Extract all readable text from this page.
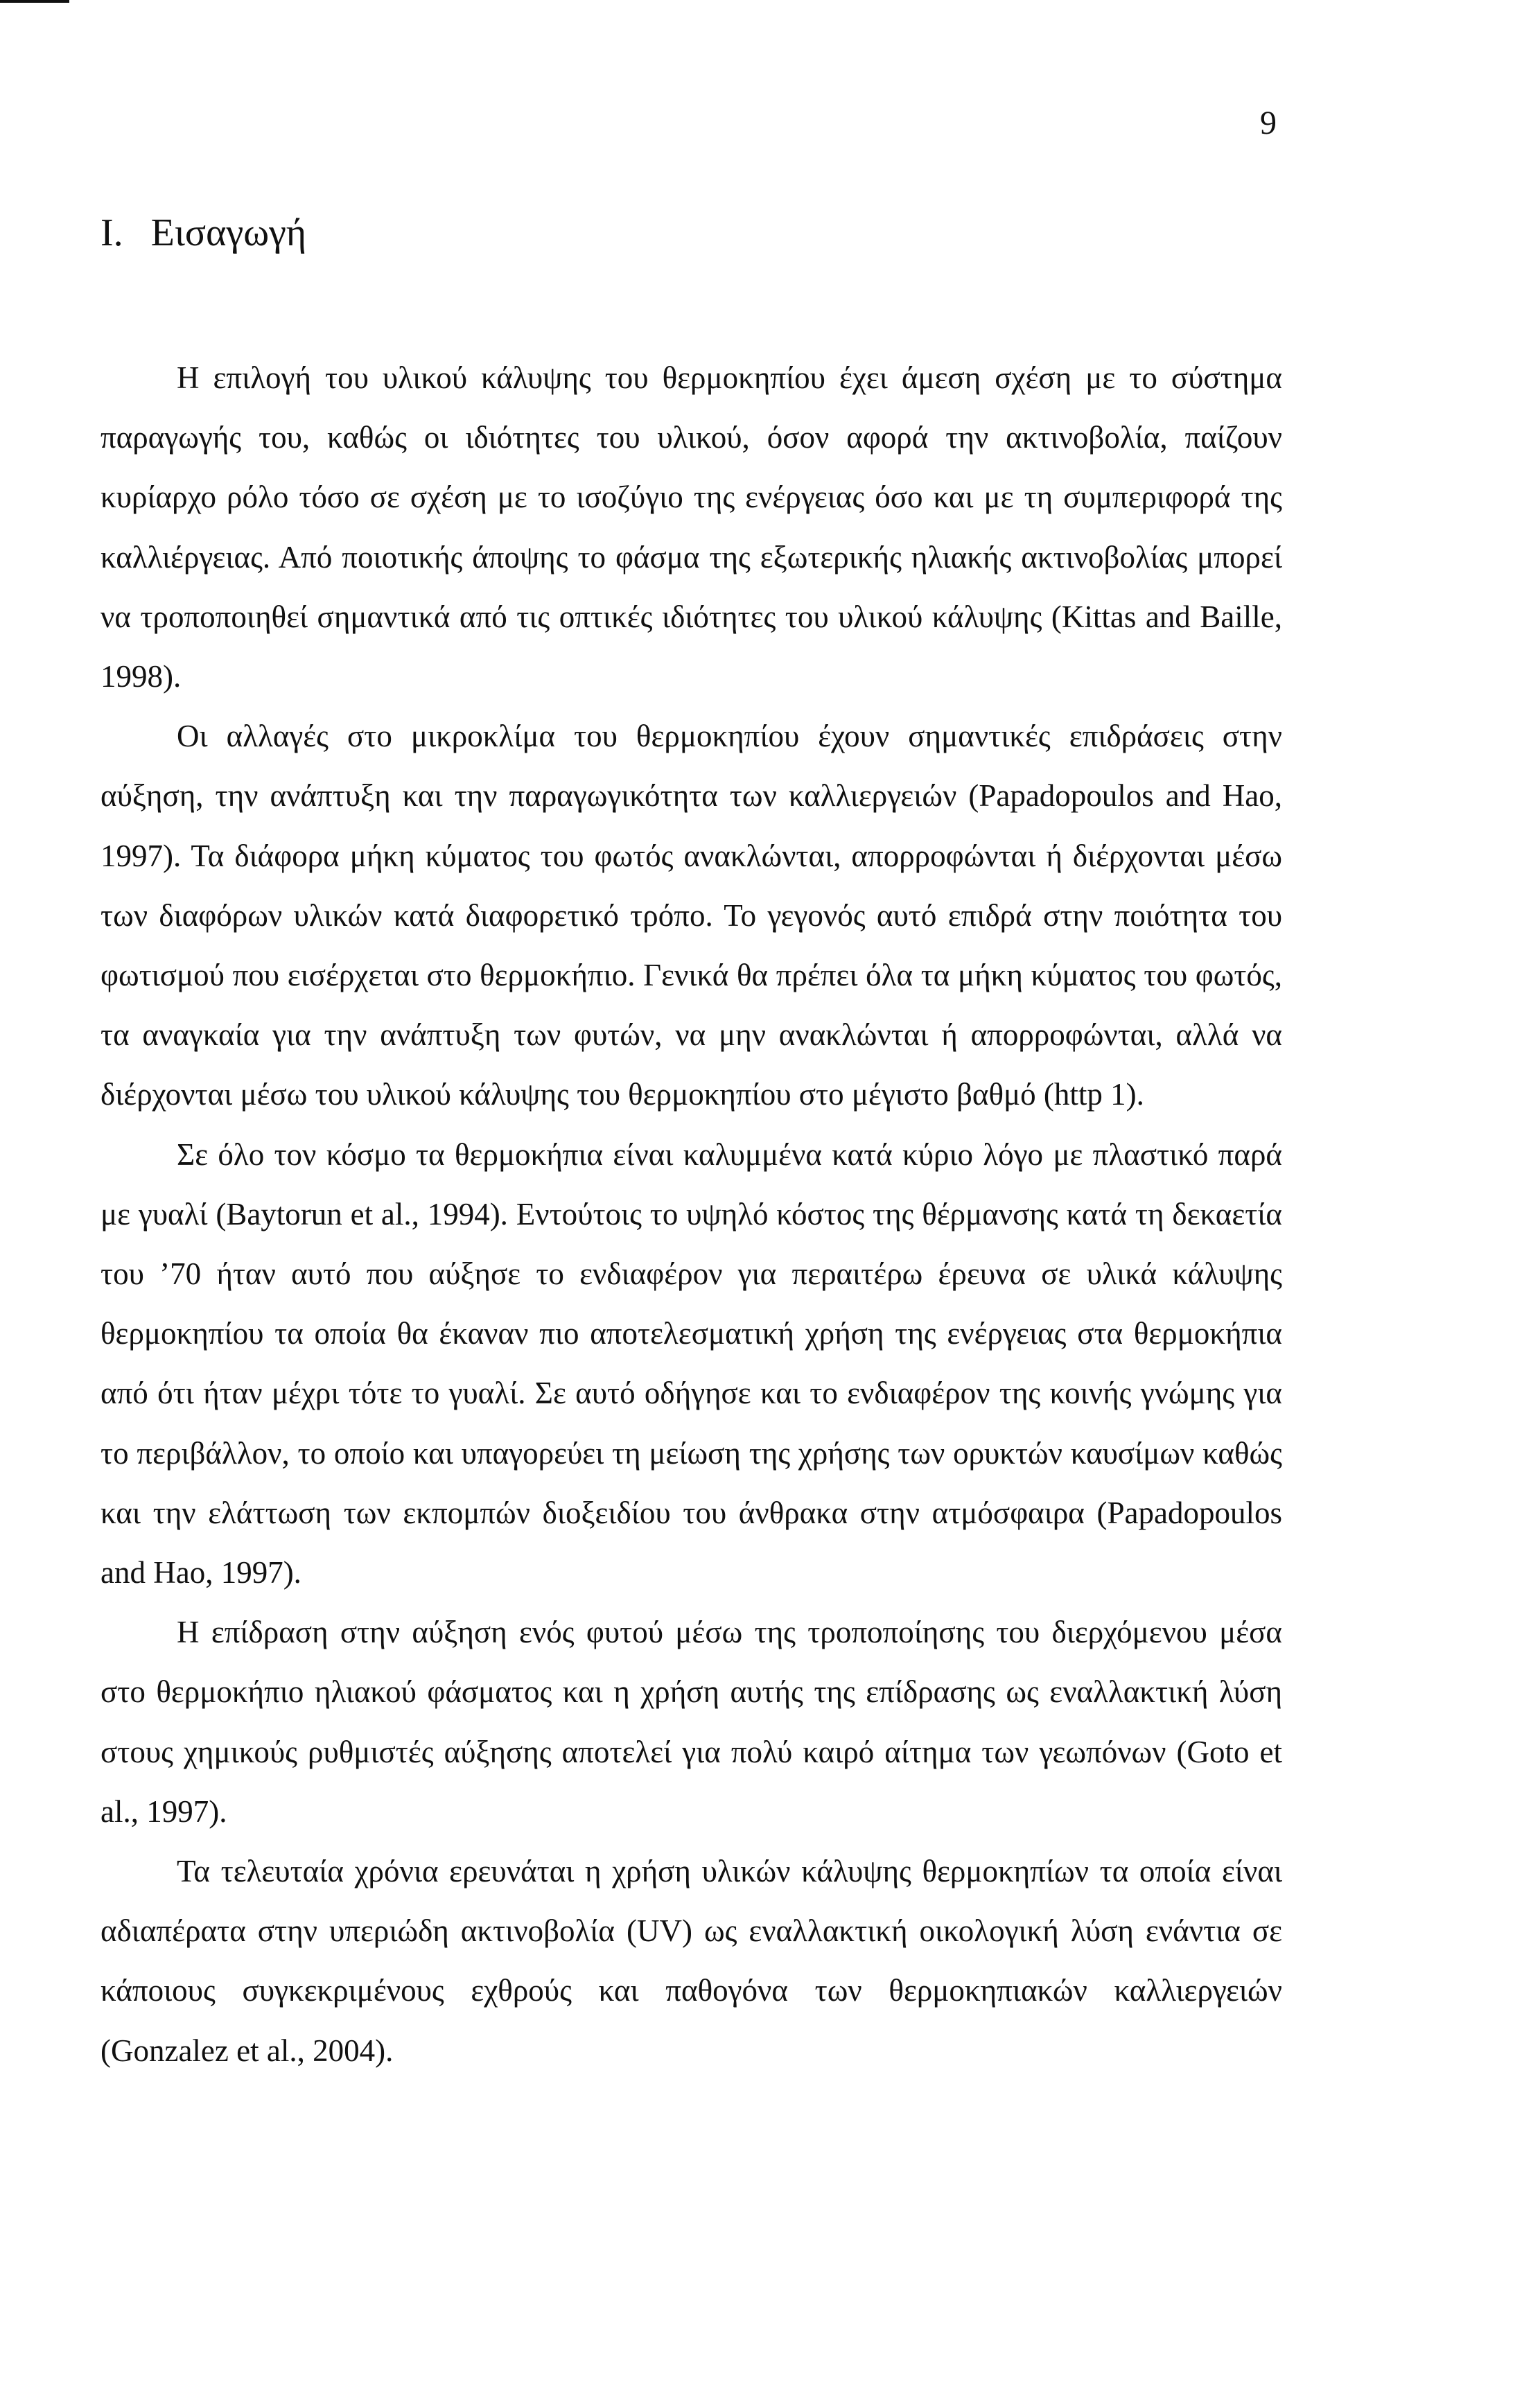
9
I. Εισαγωγή

Η επιλογή του υλικού κάλυψης του θερμοκηπίου έχει άμεση σχέση με το σύστημα παραγωγής του, καθώς οι ιδιότητες του υλικού, όσον αφορά την ακτινοβολία, παίζουν κυρίαρχο ρόλο τόσο σε σχέση με το ισοζύγιο της ενέργειας όσο και με τη συμπεριφορά της καλλιέργειας. Από ποιοτικής άποψης το φάσμα της εξωτερικής ηλιακής ακτινοβολίας μπορεί να τροποποιηθεί σημαντικά από τις οπτικές ιδιότητες του υλικού κάλυψης (Kittas and Baille, 1998).

Οι αλλαγές στο μικροκλίμα του θερμοκηπίου έχουν σημαντικές επιδράσεις στην αύξηση, την ανάπτυξη και την παραγωγικότητα των καλλιεργειών (Papadopoulos and Hao, 1997). Τα διάφορα μήκη κύματος του φωτός ανακλώνται, απορροφώνται ή διέρχονται μέσω των διαφόρων υλικών κατά διαφορετικό τρόπο. Το γεγονός αυτό επιδρά στην ποιότητα του φωτισμού που εισέρχεται στο θερμοκήπιο. Γενικά θα πρέπει όλα τα μήκη κύματος του φωτός, τα αναγκαία για την ανάπτυξη των φυτών, να μην ανακλώνται ή απορροφώνται, αλλά να διέρχονται μέσω του υλικού κάλυψης του θερμοκηπίου στο μέγιστο βαθμό (http 1).

Σε όλο τον κόσμο τα θερμοκήπια είναι καλυμμένα κατά κύριο λόγο με πλαστικό παρά με γυαλί (Baytorun et al., 1994). Εντούτοις το υψηλό κόστος της θέρμανσης κατά τη δεκαετία του ’70 ήταν αυτό που αύξησε το ενδιαφέρον για περαιτέρω έρευνα σε υλικά κάλυψης θερμοκηπίου τα οποία θα έκαναν πιο αποτελεσματική χρήση της ενέργειας στα θερμοκήπια από ότι ήταν μέχρι τότε το γυαλί. Σε αυτό οδήγησε και το ενδιαφέρον της κοινής γνώμης για το περιβάλλον, το οποίο και υπαγορεύει τη μείωση της χρήσης των ορυκτών καυσίμων καθώς και την ελάττωση των εκπομπών διοξειδίου του άνθρακα στην ατμόσφαιρα (Papadopoulos and Hao, 1997).

Η επίδραση στην αύξηση ενός φυτού μέσω της τροποποίησης του διερχόμενου μέσα στο θερμοκήπιο ηλιακού φάσματος και η χρήση αυτής της επίδρασης ως εναλλακτική λύση στους χημικούς ρυθμιστές αύξησης αποτελεί για πολύ καιρό αίτημα των γεωπόνων (Goto et al., 1997).

Τα τελευταία χρόνια ερευνάται η χρήση υλικών κάλυψης θερμοκηπίων τα οποία είναι αδιαπέρατα στην υπεριώδη ακτινοβολία (UV) ως εναλλακτική οικολογική λύση ενάντια σε κάποιους συγκεκριμένους εχθρούς και παθογόνα των θερμοκηπιακών καλλιεργειών (Gonzalez et al., 2004).
